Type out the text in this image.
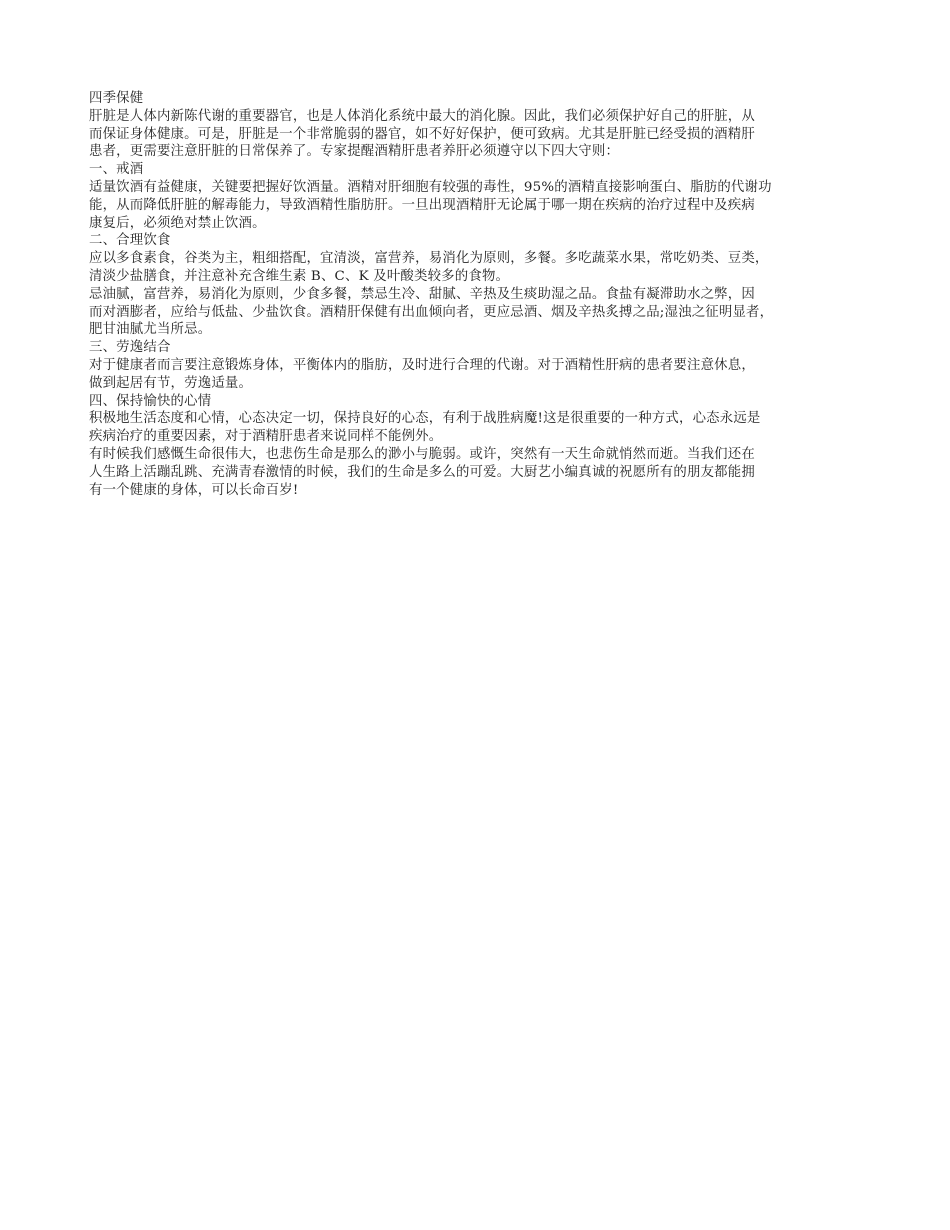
四季保健
肝脏是人体内新陈代谢的重要器官，也是人体消化系统中最大的消化腺。因此，我们必须保护好自己的肝脏，从
而保证身体健康。可是，肝脏是一个非常脆弱的器官，如不好好保护，便可致病。尤其是肝脏已经受损的酒精肝
患者，更需要注意肝脏的日常保养了。专家提醒酒精肝患者养肝必须遵守以下四大守则：
一、戒酒
适量饮酒有益健康，关键要把握好饮酒量。酒精对肝细胞有较强的毒性，95%的酒精直接影响蛋白、脂肪的代谢功
能，从而降低肝脏的解毒能力，导致酒精性脂肪肝。一旦出现酒精肝无论属于哪一期在疾病的治疗过程中及疾病
康复后，必须绝对禁止饮酒。
二、合理饮食
应以多食素食，谷类为主，粗细搭配，宜清淡，富营养，易消化为原则，多餐。多吃蔬菜水果，常吃奶类、豆类，
清淡少盐膳食，并注意补充含维生素 B、C、K 及叶酸类较多的食物。
忌油腻，富营养，易消化为原则，少食多餐，禁忌生冷、甜腻、辛热及生痰助湿之品。食盐有凝滞助水之弊，因
而对酒膨者，应给与低盐、少盐饮食。酒精肝保健有出血倾向者，更应忌酒、烟及辛热炙搏之品;湿浊之征明显者，
肥甘油腻尤当所忌。
三、劳逸结合
对于健康者而言要注意锻炼身体，平衡体内的脂肪，及时进行合理的代谢。对于酒精性肝病的患者要注意休息，
做到起居有节，劳逸适量。
四、保持愉快的心情
积极地生活态度和心情，心态决定一切，保持良好的心态，有利于战胜病魔!这是很重要的一种方式，心态永远是
疾病治疗的重要因素，对于酒精肝患者来说同样不能例外。
有时候我们感慨生命很伟大，也悲伤生命是那么的渺小与脆弱。或许，突然有一天生命就悄然而逝。当我们还在
人生路上活蹦乱跳、充满青春激情的时候，我们的生命是多么的可爱。大厨艺小编真诚的祝愿所有的朋友都能拥
有一个健康的身体，可以长命百岁!
